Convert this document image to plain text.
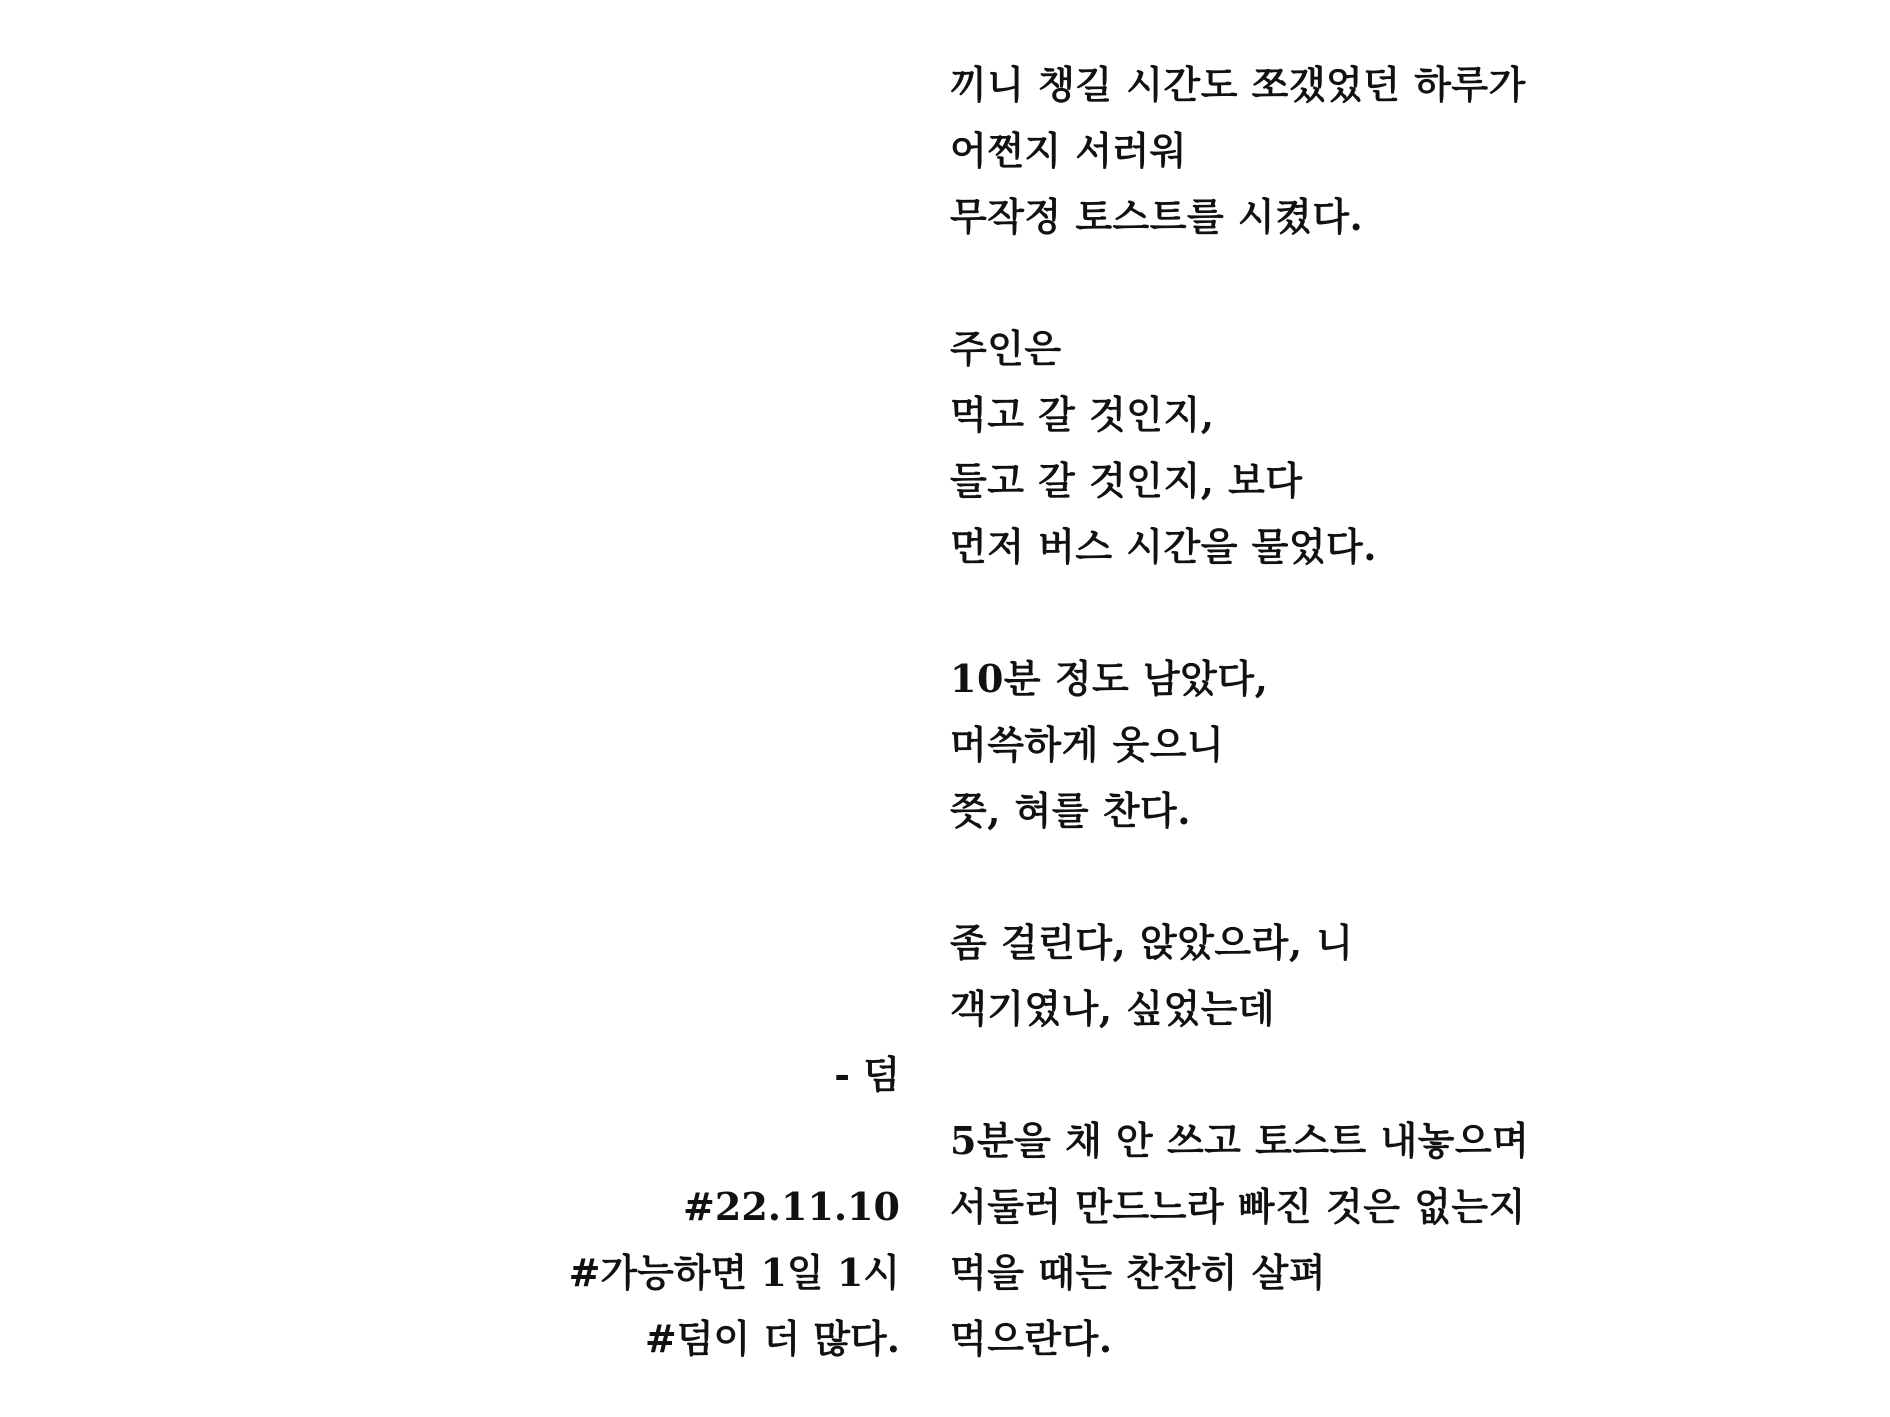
끼니 챙길 시간도 쪼갰었던 하루가
어쩐지 서러워
무작정 토스트를 시켰다.
주인은
먹고 갈 것인지,
들고 갈 것인지, 보다
먼저 버스 시간을 물었다.
10분 정도 남았다,
머쓱하게 웃으니
쯧, 혀를 찬다.
좀 걸린다, 앉았으라, 니
객기였나, 싶었는데
5분을 채 안 쓰고 토스트 내놓으며
서둘러 만드느라 빠진 것은 없는지
먹을 때는 찬찬히 살펴
먹으란다.
- 덤
#22.11.10
#가능하면 1일 1시
#덤이 더 많다.
